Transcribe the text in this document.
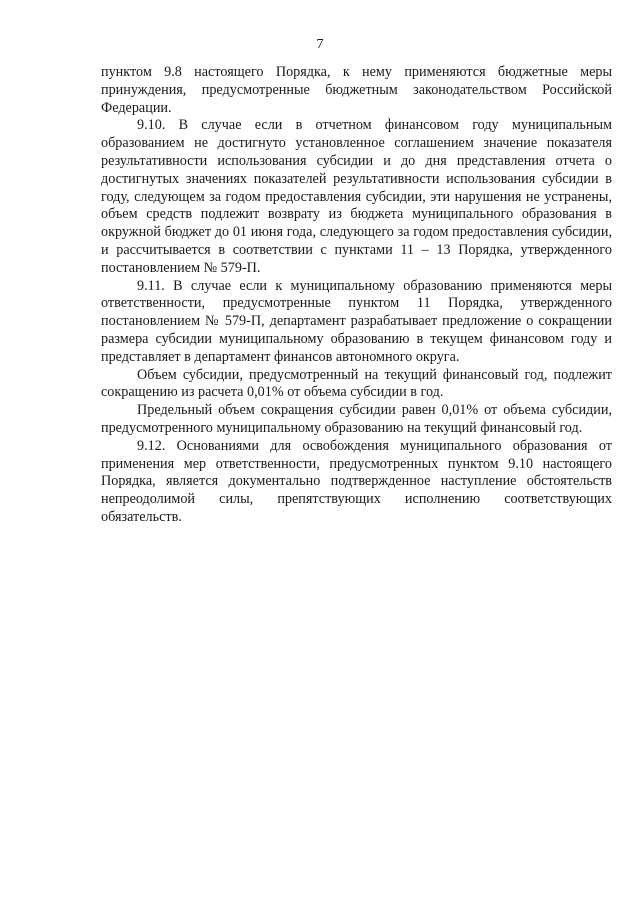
7

пунктом 9.8 настоящего Порядка, к нему применяются бюджетные меры принуждения, предусмотренные бюджетным законодательством Российской Федерации.

9.10. В случае если в отчетном финансовом году муниципальным образованием не достигнуто установленное соглашением значение показателя результативности использования субсидии и до дня представления отчета о достигнутых значениях показателей результативности использования субсидии в году, следующем за годом предоставления субсидии, эти нарушения не устранены, объем средств подлежит возврату из бюджета муниципального образования в окружной бюджет до 01 июня года, следующего за годом предоставления субсидии, и рассчитывается в соответствии с пунктами 11 – 13 Порядка, утвержденного постановлением № 579-П.

9.11. В случае если к муниципальному образованию применяются меры ответственности, предусмотренные пунктом 11 Порядка, утвержденного постановлением № 579-П, департамент разрабатывает предложение о сокращении размера субсидии муниципальному образованию в текущем финансовом году и представляет в департамент финансов автономного округа.

Объем субсидии, предусмотренный на текущий финансовый год, подлежит сокращению из расчета 0,01% от объема субсидии в год.

Предельный объем сокращения субсидии равен 0,01% от объема субсидии, предусмотренного муниципальному образованию на текущий финансовый год.

9.12. Основаниями для освобождения муниципального образования от применения мер ответственности, предусмотренных пунктом 9.10 настоящего Порядка, является документально подтвержденное наступление обстоятельств непреодолимой силы, препятствующих исполнению соответствующих обязательств.
